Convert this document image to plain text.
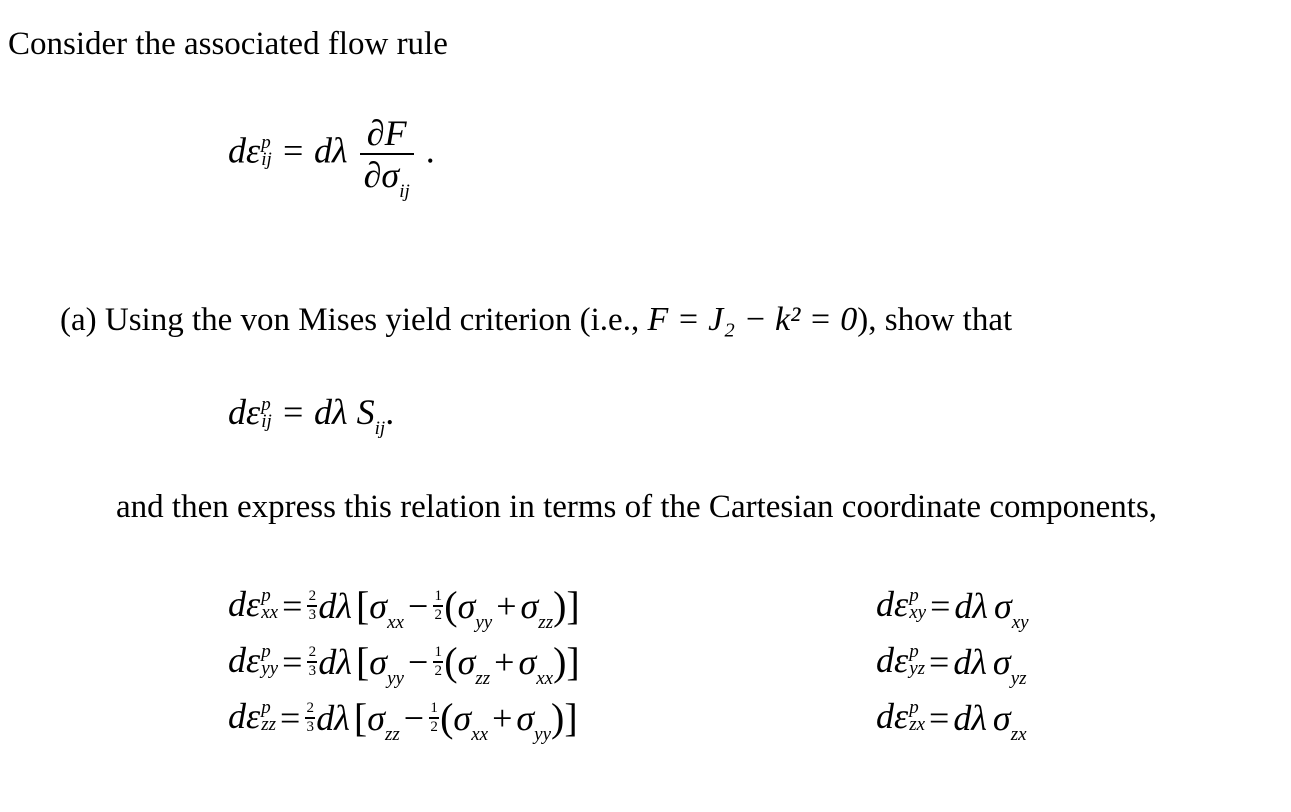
Consider the associated flow rule
dε p
ij = dλ $\frac{\partial F}{\partial\sigma_{ij}}$ .
(a) Using the von Mises yield criterion (i.e., F = J₂ − k² = 0), show that
dε p
ij = dλ $S_{ij}$.
and then express this relation in terms of the Cartesian coordinate components,
dε p
xx = 2
3 dλ [ $\sigma_{xx} - 1$
2 ( $\sigma_{yy} + \sigma_{zz}$ ) ]
dε p
yy = 2
3 dλ [ $\sigma_{yy} - 1$
2 ( $\sigma_{zz} + \sigma_{xx}$ ) ]
dε p
zz = 2
3 dλ [ $\sigma_{zz} - 1$
2 ( $\sigma_{xx} + \sigma_{yy}$ ) ]
dε p
xy = dλ $\sigma_{xy}$
dε p
yz = dλ $\sigma_{yz}$
dε p
zx = dλ $\sigma_{zx}$
